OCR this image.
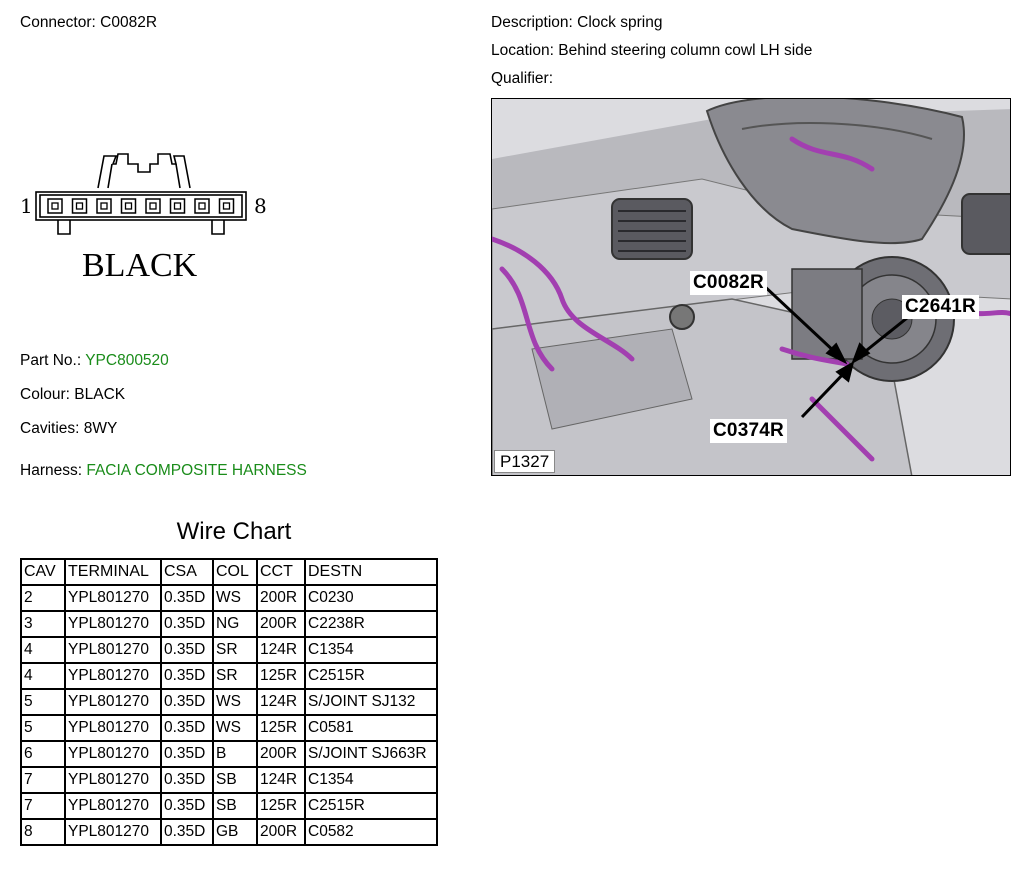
Connector: C0082R
1	8
BLACK
Part No.: YPC800520
Colour: BLACK
Cavities: 8WY
Harness: FACIA COMPOSITE HARNESS
Description: Clock spring
Location: Behind steering column cowl LH side
Qualifier:
C0082R
C2641R
C0374R
P1327
Wire Chart
CAV	TERMINAL	CSA	COL	CCT	DESTN
2	YPL801270	0.35D	WS	200R	C0230
3	YPL801270	0.35D	NG	200R	C2238R
4	YPL801270	0.35D	SR	124R	C1354
4	YPL801270	0.35D	SR	125R	C2515R
5	YPL801270	0.35D	WS	124R	S/JOINT SJ132
5	YPL801270	0.35D	WS	125R	C0581
6	YPL801270	0.35D	B	200R	S/JOINT SJ663R
7	YPL801270	0.35D	SB	124R	C1354
7	YPL801270	0.35D	SB	125R	C2515R
8	YPL801270	0.35D	GB	200R	C0582
